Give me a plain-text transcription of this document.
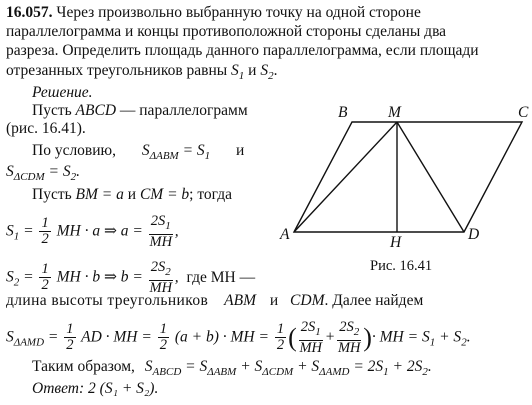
16.057. Через произвольно выбранную точку на одной стороне
параллелограмма и концы противоположной стороны сделаны два
разреза. Определить площадь данного параллелограмма, если площади
отрезанных треугольников равны $S_1$ и $S_2$.
Решение.
Пусть ABCD — параллелограмм
(рис. 16.41).
По условию, $S_{\Delta ABM} = S_1$ и
$S_{\Delta CDM} = S_2$.
Пусть BM = a и CM = b; тогда
$S_1 = \frac{1}{2}$ MH · a ⇒ $a = \frac{2S_1}{MH}$ ,
$S_2 = \frac{1}{2}$ MH · b ⇒ $b = \frac{2S_2}{MH}$ , где MH —
длина высоты треугольников ABM и CDM. Далее найдем
$S_{\Delta AMD} = \frac{1}{2}$ AD · MH = $\frac{1}{2} (a + b)$ · MH = $\frac{1}{2}$ ( $\frac{2S_1}{MH} + \frac{2S_2}{MH}$ )· MH = $S_1 + S_2$.
Таким образом, $S_{ABCD} = S_{\Delta ABM} + S_{\Delta CDM} + S_{\Delta AMD} = 2S_1 + 2S_2$.
Ответ: 2 (S₁ + S₂).
A
B	M	C
D
H
Рис. 16.41
